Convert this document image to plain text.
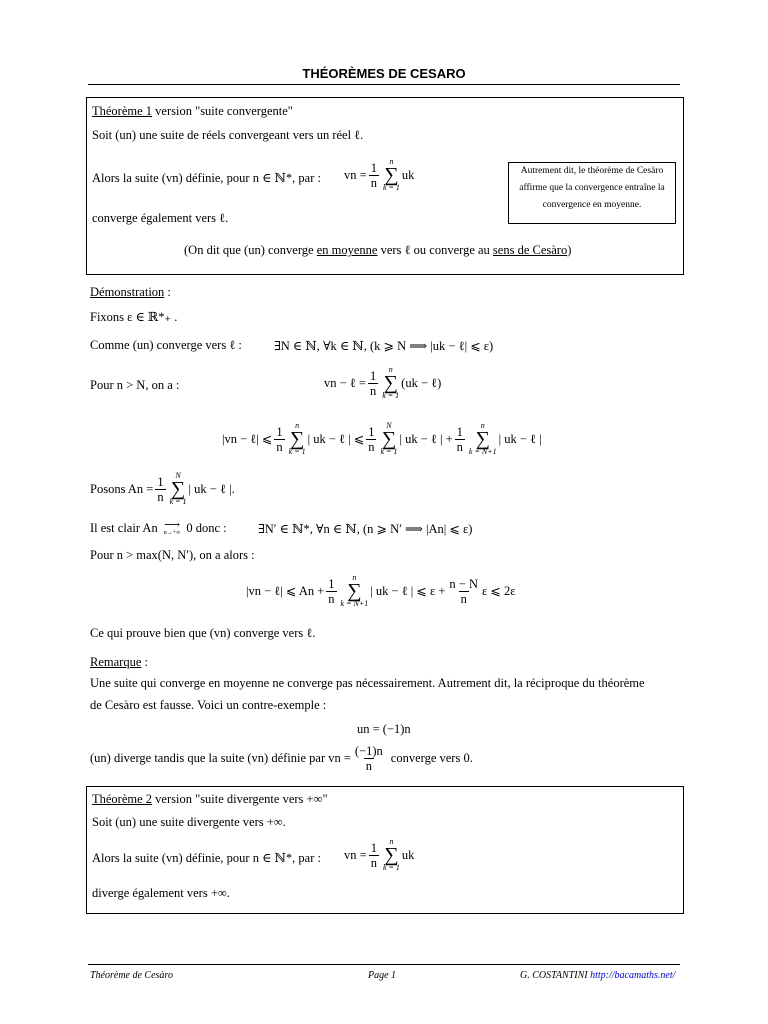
THÉORÈMES DE CESARO
Théorème 1 version "suite convergente"
Soit (un) une suite de réels convergeant vers un réel ℓ.
Alors la suite (vn) définie, pour n ∈ ℕ*, par : vn = $\frac{1}{n}$ n
∑
k = 1
uk	Autrement dit, le théorème de Cesàro
affirme que la convergence entraîne la
convergence en moyenne.
converge également vers ℓ.
(On dit que (un) converge en moyenne vers ℓ ou converge au sens de Cesàro)
Démonstration :
Fixons ε ∈ ℝ*₊ .
Comme (un) converge vers ℓ :	∃N ∈ ℕ, ∀k ∈ ℕ, (k ⩾ N ⟹ |uk − ℓ| ⩽ ε)
Pour n > N, on a :	vn − ℓ = $\frac{1}{n}$ n
∑
k = 1
(uk − ℓ)
|vn − ℓ| ⩽ $\frac{1}{n}$ n
∑
k = 1
| uk − ℓ | ⩽ $\frac{1}{n}$ N
∑
k = 1
| uk − ℓ | + $\frac{1}{n}$ n
∑
k = N+1
| uk − ℓ |
Posons $An = \frac{1}{n}$ N
∑
k = 1
| uk − ℓ |.
Il est clair An ⟶
n→+∞ 0 donc :	∃N′ ∈ ℕ*, ∀n ∈ ℕ, (n ⩾ N′ ⟹ |An| ⩽ ε)
Pour n > max(N, N′), on a alors :
|vn − ℓ| ⩽ $An + \frac{1}{n}$ n
∑
k = N+1
| uk − ℓ | ⩽ $\varepsilon + \frac{n - N}{n}$ ε ⩽ 2ε
Ce qui prouve bien que (vn) converge vers ℓ.
Remarque :
Une suite qui converge en moyenne ne converge pas nécessairement. Autrement dit, la réciproque du théorème
de Cesàro est fausse. Voici un contre-exemple :
un = (−1)n
(un) diverge tandis que la suite (vn) définie par vn = $\frac{(-1)n}{n}$ converge vers 0.
Théorème 2 version "suite divergente vers +∞"
Soit (un) une suite divergente vers +∞.
Alors la suite (vn) définie, pour n ∈ ℕ*, par : vn = $\frac{1}{n}$ n
∑
k = 1
uk
diverge également vers +∞.
Théorème de Cesàro	Page 1	G. COSTANTINI http://bacamaths.net/
